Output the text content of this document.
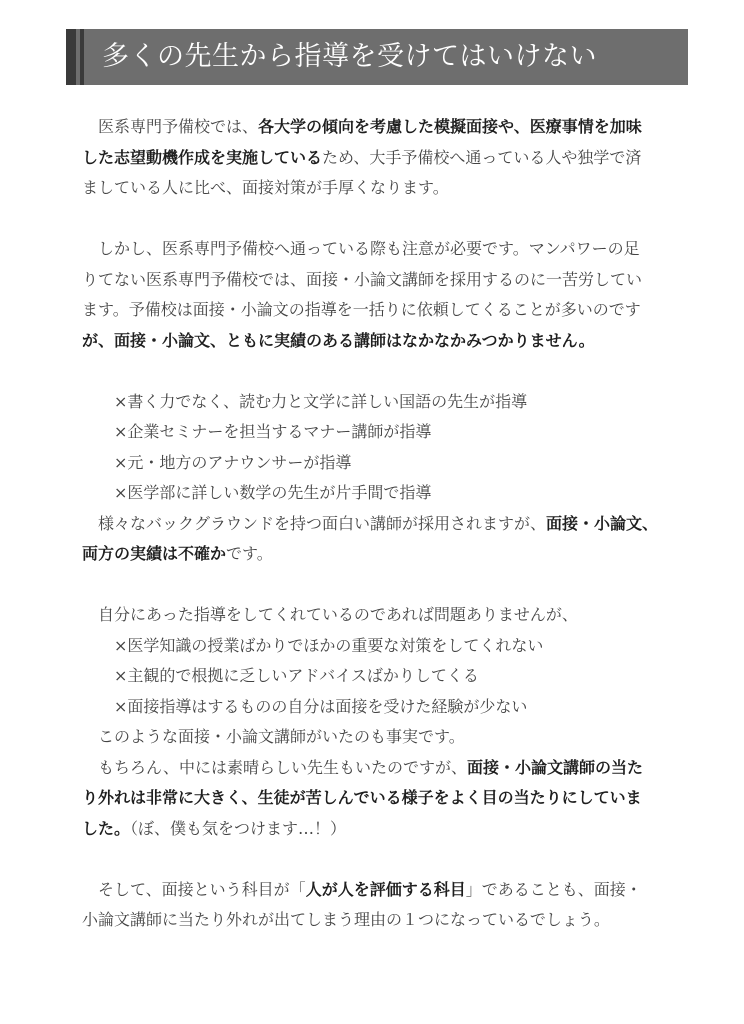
多くの先生から指導を受けてはいけない
医系専門予備校では、各大学の傾向を考慮した模擬面接や、医療事情を加味
した志望動機作成を実施しているため、大手予備校へ通っている人や独学で済
ましている人に比べ、面接対策が手厚くなります。
しかし、医系専門予備校へ通っている際も注意が必要です。マンパワーの足
りてない医系専門予備校では、面接・小論文講師を採用するのに一苦労してい
ます。予備校は面接・小論文の指導を一括りに依頼してくることが多いのです
が、面接・小論文、ともに実績のある講師はなかなかみつかりません。
×書く力でなく、読む力と文学に詳しい国語の先生が指導
×企業セミナーを担当するマナー講師が指導
×元・地方のアナウンサーが指導
×医学部に詳しい数学の先生が片手間で指導
様々なバックグラウンドを持つ面白い講師が採用されますが、面接・小論文、
両方の実績は不確かです。
自分にあった指導をしてくれているのであれば問題ありませんが、
×医学知識の授業ばかりでほかの重要な対策をしてくれない
×主観的で根拠に乏しいアドバイスばかりしてくる
×面接指導はするものの自分は面接を受けた経験が少ない
このような面接・小論文講師がいたのも事実です。
もちろん、中には素晴らしい先生もいたのですが、面接・小論文講師の当た
り外れは非常に大きく、生徒が苦しんでいる様子をよく目の当たりにしていま
した。（ぼ、僕も気をつけます…！）
そして、面接という科目が「人が人を評価する科目」であることも、面接・
小論文講師に当たり外れが出てしまう理由の１つになっているでしょう。
